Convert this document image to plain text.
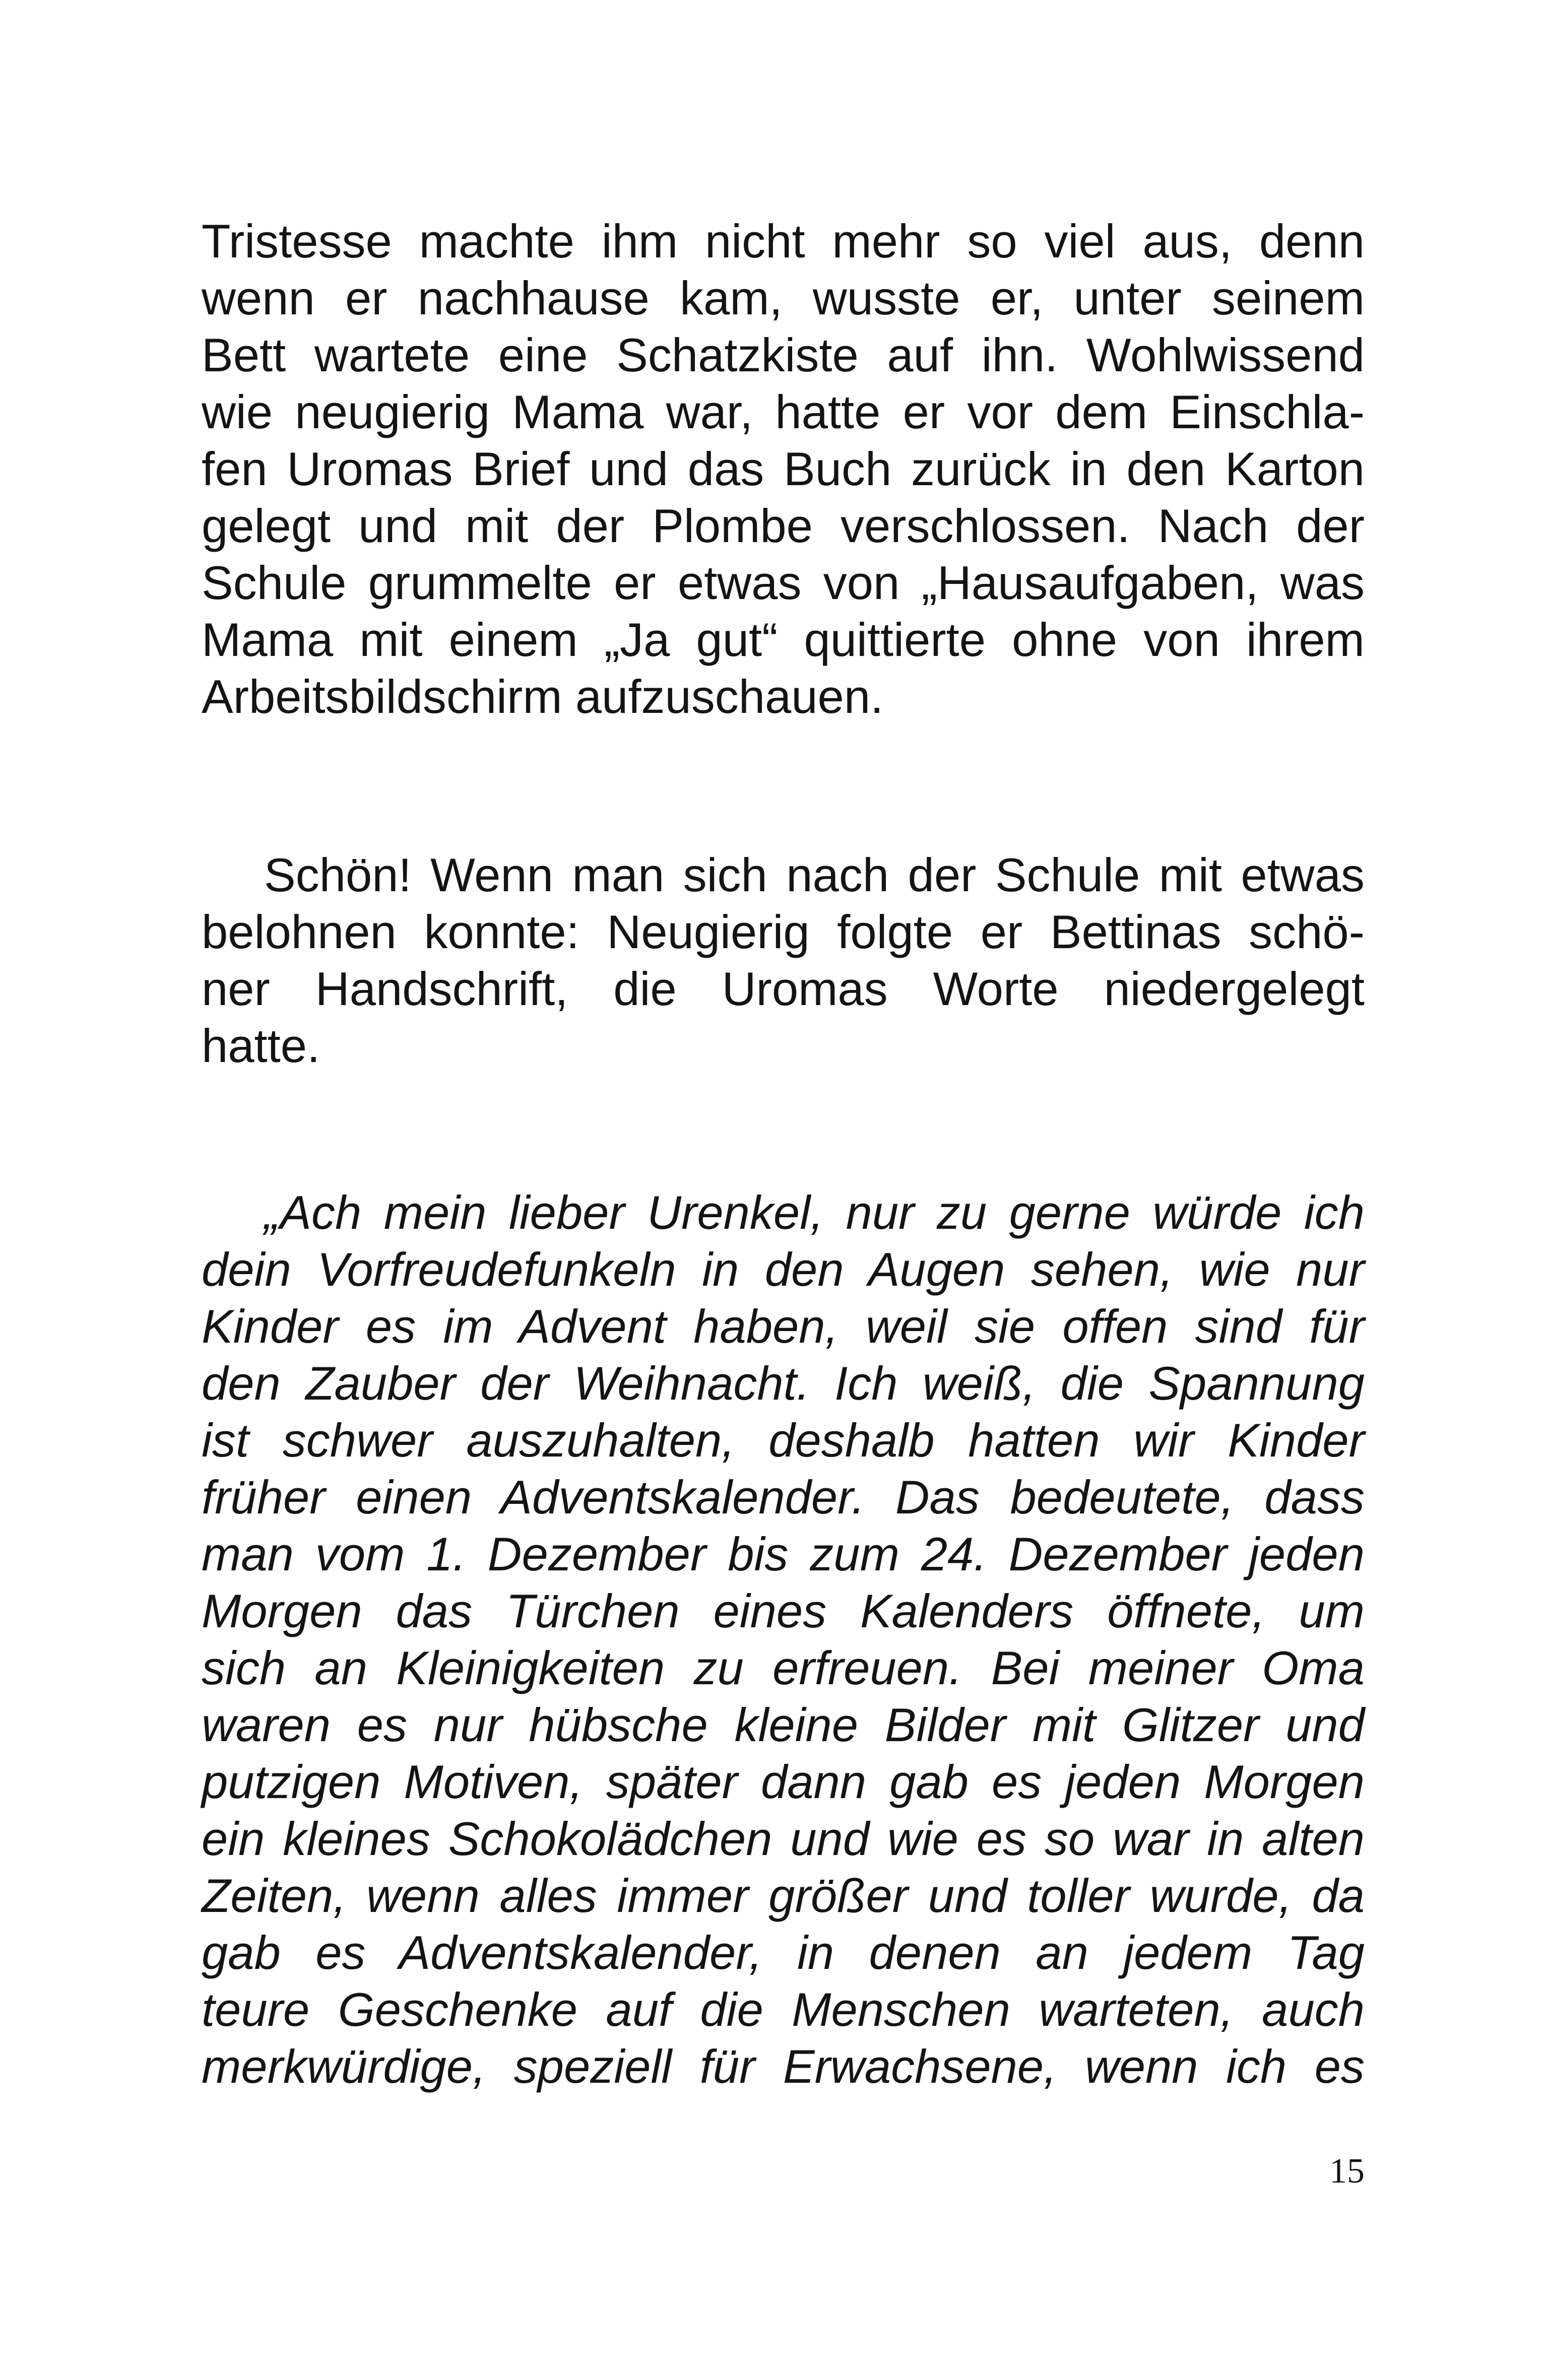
Tristesse machte ihm nicht mehr so viel aus, denn
wenn er nachhause kam, wusste er, unter seinem
Bett wartete eine Schatzkiste auf ihn. Wohlwissend
wie neugierig Mama war, hatte er vor dem Einschla-
fen Uromas Brief und das Buch zurück in den Karton
gelegt und mit der Plombe verschlossen. Nach der
Schule grummelte er etwas von „Hausaufgaben, was
Mama mit einem „Ja gut“ quittierte ohne von ihrem
Arbeitsbildschirm aufzuschauen.
Schön! Wenn man sich nach der Schule mit etwas
belohnen konnte: Neugierig folgte er Bettinas schö-
ner Handschrift, die Uromas Worte niedergelegt
hatte.
„Ach mein lieber Urenkel, nur zu gerne würde ich
dein Vorfreudefunkeln in den Augen sehen, wie nur
Kinder es im Advent haben, weil sie offen sind für
den Zauber der Weihnacht. Ich weiß, die Spannung
ist schwer auszuhalten, deshalb hatten wir Kinder
früher einen Adventskalender. Das bedeutete, dass
man vom 1. Dezember bis zum 24. Dezember jeden
Morgen das Türchen eines Kalenders öffnete, um
sich an Kleinigkeiten zu erfreuen. Bei meiner Oma
waren es nur hübsche kleine Bilder mit Glitzer und
putzigen Motiven, später dann gab es jeden Morgen
ein kleines Schokolädchen und wie es so war in alten
Zeiten, wenn alles immer größer und toller wurde, da
gab es Adventskalender, in denen an jedem Tag
teure Geschenke auf die Menschen warteten, auch
merkwürdige, speziell für Erwachsene, wenn ich es
15
